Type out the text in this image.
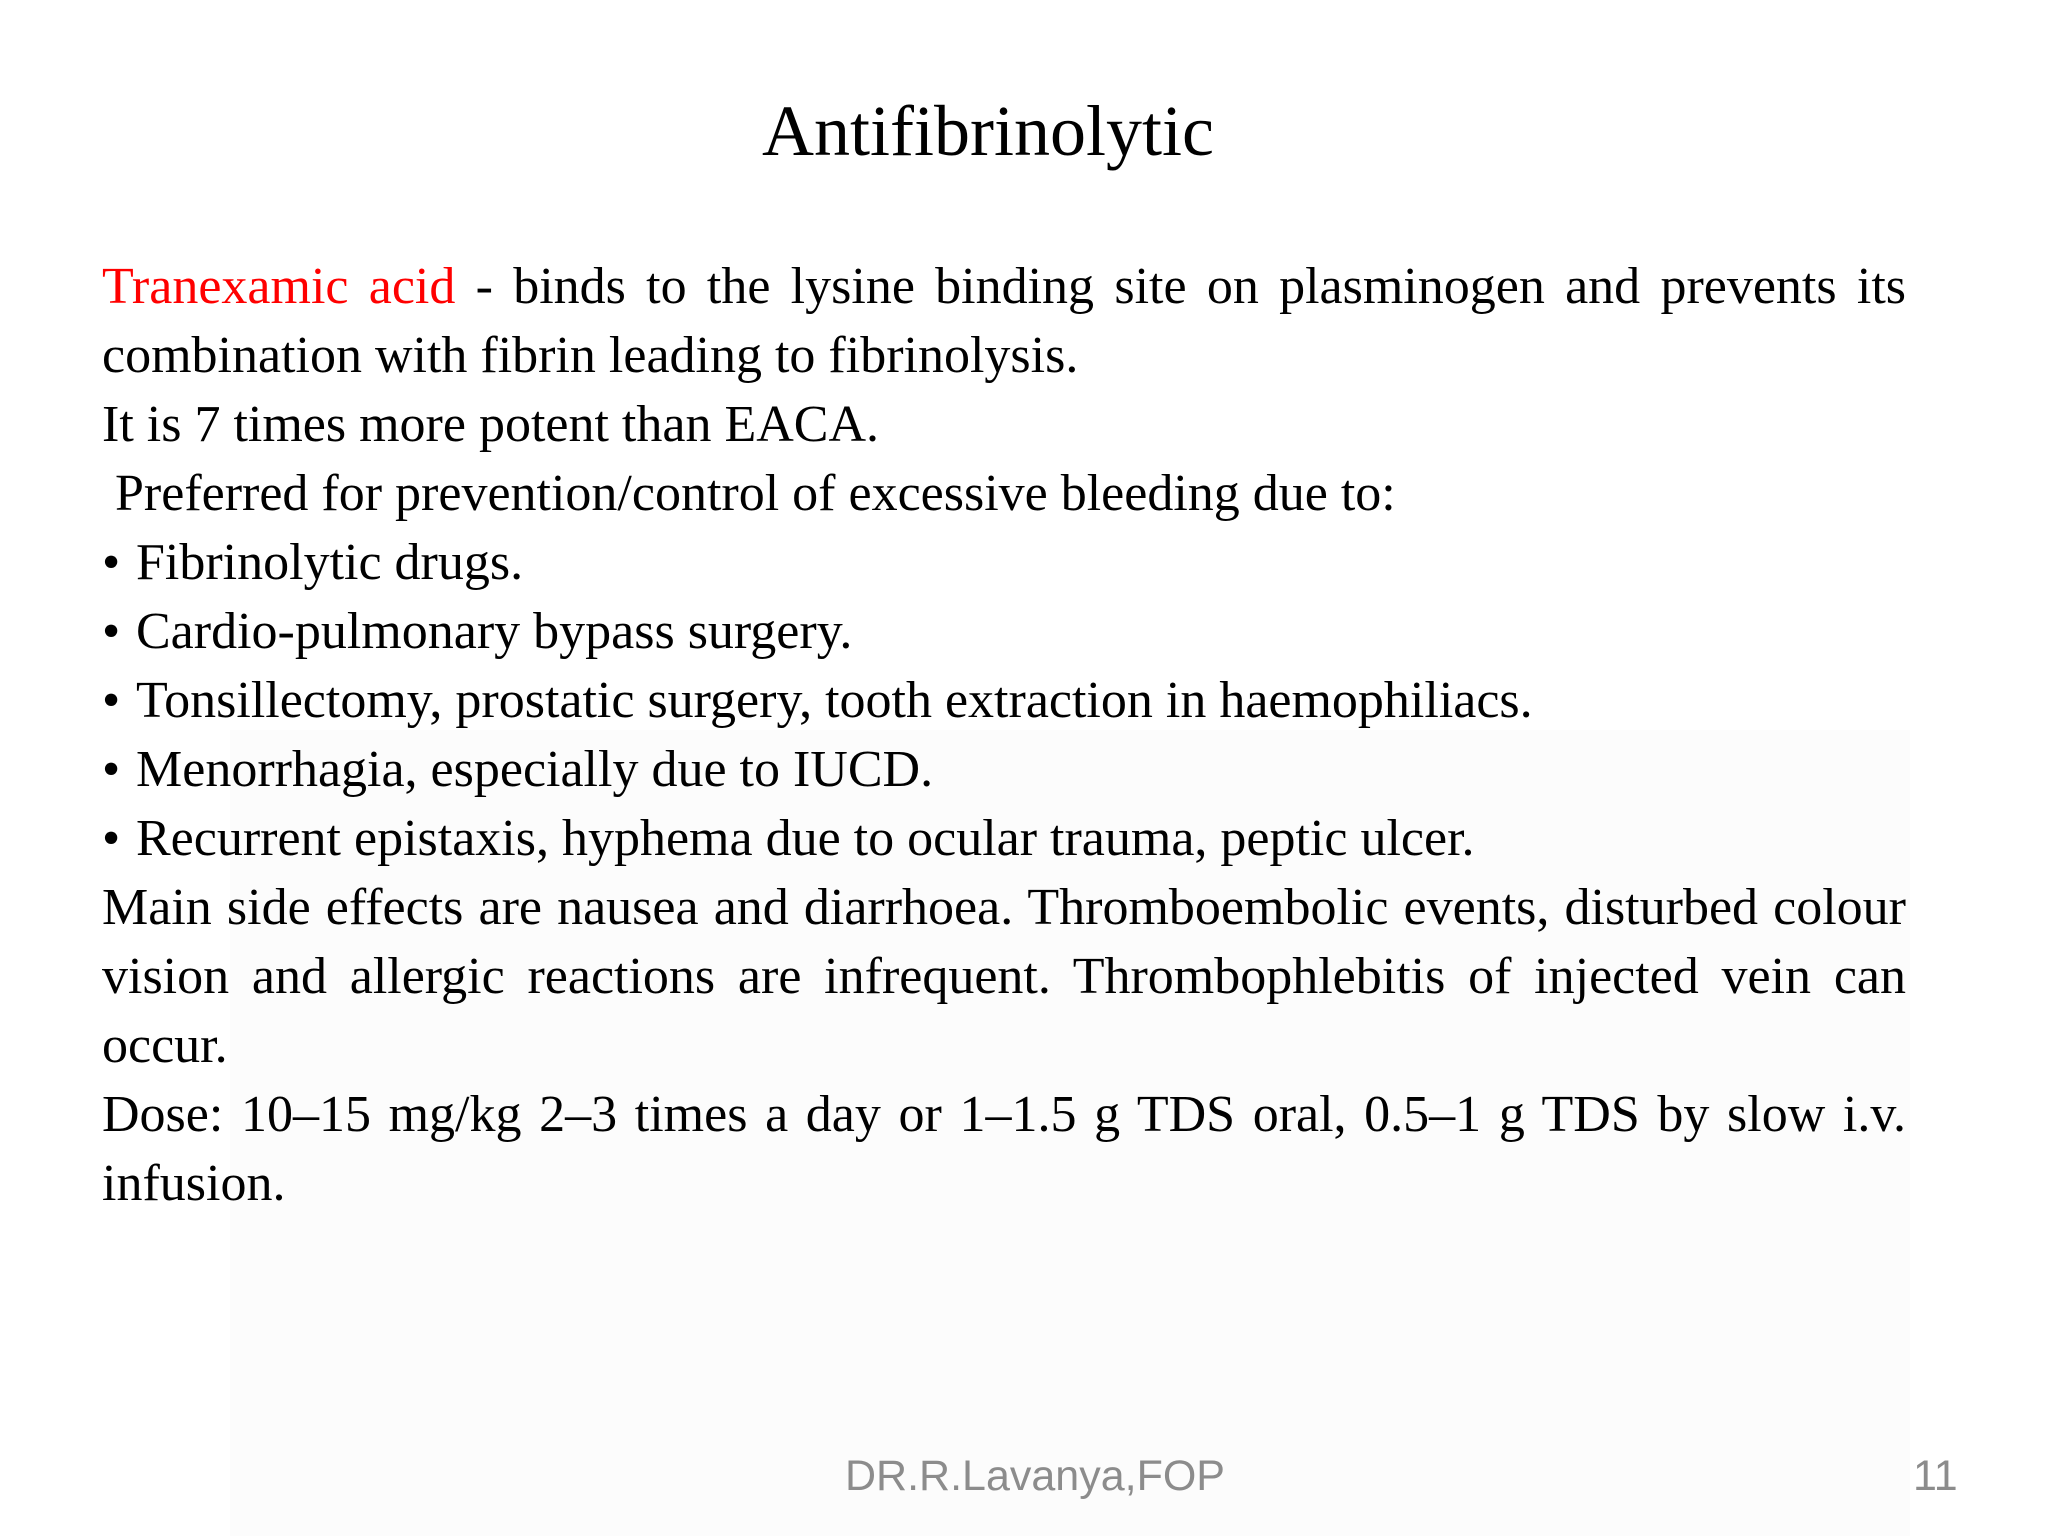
Antifibrinolytic

Tranexamic acid - binds to the lysine binding site on plasminogen and prevents its combination with fibrin leading to fibrinolysis.

It is 7 times more potent than EACA.

Preferred for prevention/control of excessive bleeding due to:

• Fibrinolytic drugs.
• Cardio-pulmonary bypass surgery.
• Tonsillectomy, prostatic surgery, tooth extraction in haemophiliacs.
• Menorrhagia, especially due to IUCD.
• Recurrent epistaxis, hyphema due to ocular trauma, peptic ulcer.

Main side effects are nausea and diarrhoea. Thromboembolic events, disturbed colour vision and allergic reactions are infrequent. Thrombophlebitis of injected vein can occur.

Dose: 10–15 mg/kg 2–3 times a day or 1–1.5 g TDS oral, 0.5–1 g TDS by slow i.v. infusion.

DR.R.Lavanya,FOP	11
